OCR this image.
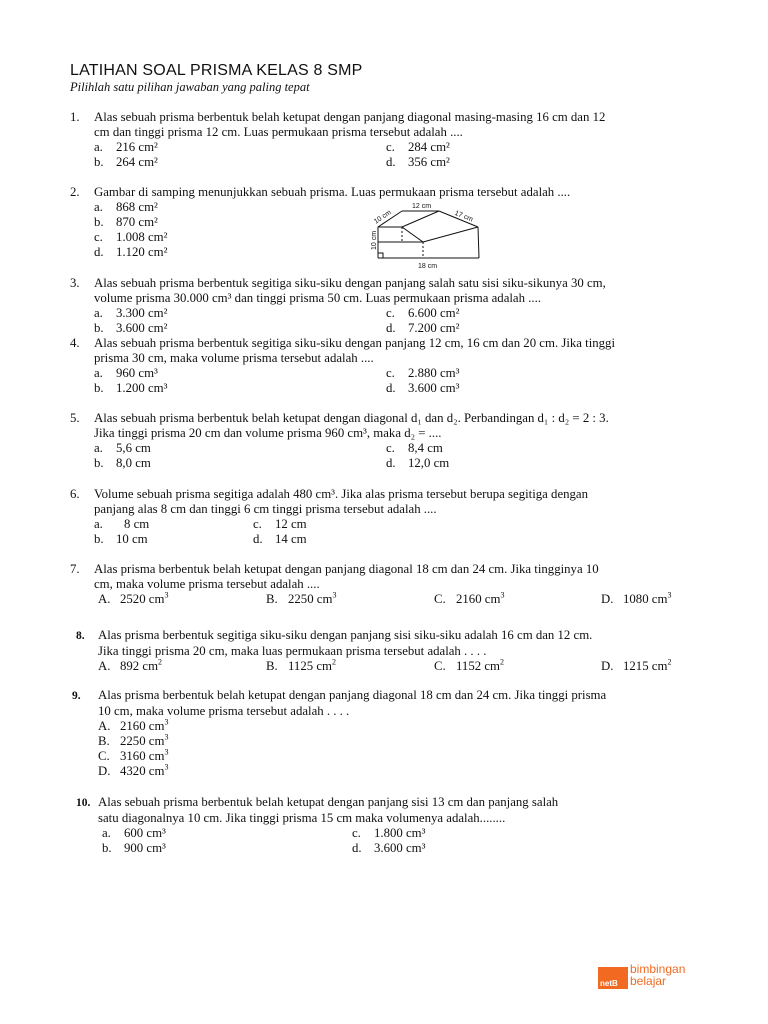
LATIHAN SOAL PRISMA KELAS 8 SMP
Pilihlah satu pilihan jawaban yang paling tepat
1. Alas sebuah prisma berbentuk belah ketupat dengan panjang diagonal masing-masing 16 cm dan 12
cm dan tinggi prisma 12 cm. Luas permukaan prisma tersebut adalah ....
a. 216 cm²	c. 284 cm²
b. 264 cm²	d. 356 cm²
2. Gambar di samping menunjukkan sebuah prisma. Luas permukaan prisma tersebut adalah ....
a. 868 cm²
b. 870 cm²
c. 1.008 cm²
d. 1.120 cm²
12 cm
10 cm	17 cm
10 cm
18 cm
3. Alas sebuah prisma berbentuk segitiga siku-siku dengan panjang salah satu sisi siku-sikunya 30 cm,
volume prisma 30.000 cm³ dan tinggi prisma 50 cm. Luas permukaan prisma adalah ....
a. 3.300 cm²	c. 6.600 cm²
b. 3.600 cm²	d. 7.200 cm²
4. Alas sebuah prisma berbentuk segitiga siku-siku dengan panjang 12 cm, 16 cm dan 20 cm. Jika tinggi
prisma 30 cm, maka volume prisma tersebut adalah ....
a. 960 cm³	c. 2.880 cm³
b. 1.200 cm³	d. 3.600 cm³
5. Alas sebuah prisma berbentuk belah ketupat dengan diagonal d₁ dan d₂. Perbandingan d₁ : d₂ = 2 : 3.
Jika tinggi prisma 20 cm dan volume prisma 960 cm³, maka d₂ = ....
a. 5,6 cm	c. 8,4 cm
b. 8,0 cm	d. 12,0 cm
6. Volume sebuah prisma segitiga adalah 480 cm³. Jika alas prisma tersebut berupa segitiga dengan
panjang alas 8 cm dan tinggi 6 cm tinggi prisma tersebut adalah ....
a. 8 cm	c. 12 cm
b. 10 cm	d. 14 cm
7. Alas prisma berbentuk belah ketupat dengan panjang diagonal 18 cm dan 24 cm. Jika tingginya 10
cm, maka volume prisma tersebut adalah ....
A. 2520 $cm^3$	B. 2250 $cm^3$	C. 2160 $cm^3$	D. 1080 $cm^3$
8. Alas prisma berbentuk segitiga siku-siku dengan panjang sisi siku-siku adalah 16 cm dan 12 cm.
Jika tinggi prisma 20 cm, maka luas permukaan prisma tersebut adalah . . . .
A. 892 $cm^2$	B. 1125 $cm^2$	C. 1152 $cm^2$	D. 1215 $cm^2$
9. Alas prisma berbentuk belah ketupat dengan panjang diagonal 18 cm dan 24 cm. Jika tinggi prisma
10 cm, maka volume prisma tersebut adalah . . . .
A. 2160 $cm^3$
B. 2250 $cm^3$
C. 3160 $cm^3$
D. 4320 $cm^3$
10. Alas sebuah prisma berbentuk belah ketupat dengan panjang sisi 13 cm dan panjang salah
satu diagonalnya 10 cm. Jika tinggi prisma 15 cm maka volumenya adalah........
a. 600 cm³	c. 1.800 cm³
b. 900 cm³	d. 3.600 cm³
netB
bimbingan
belajar
